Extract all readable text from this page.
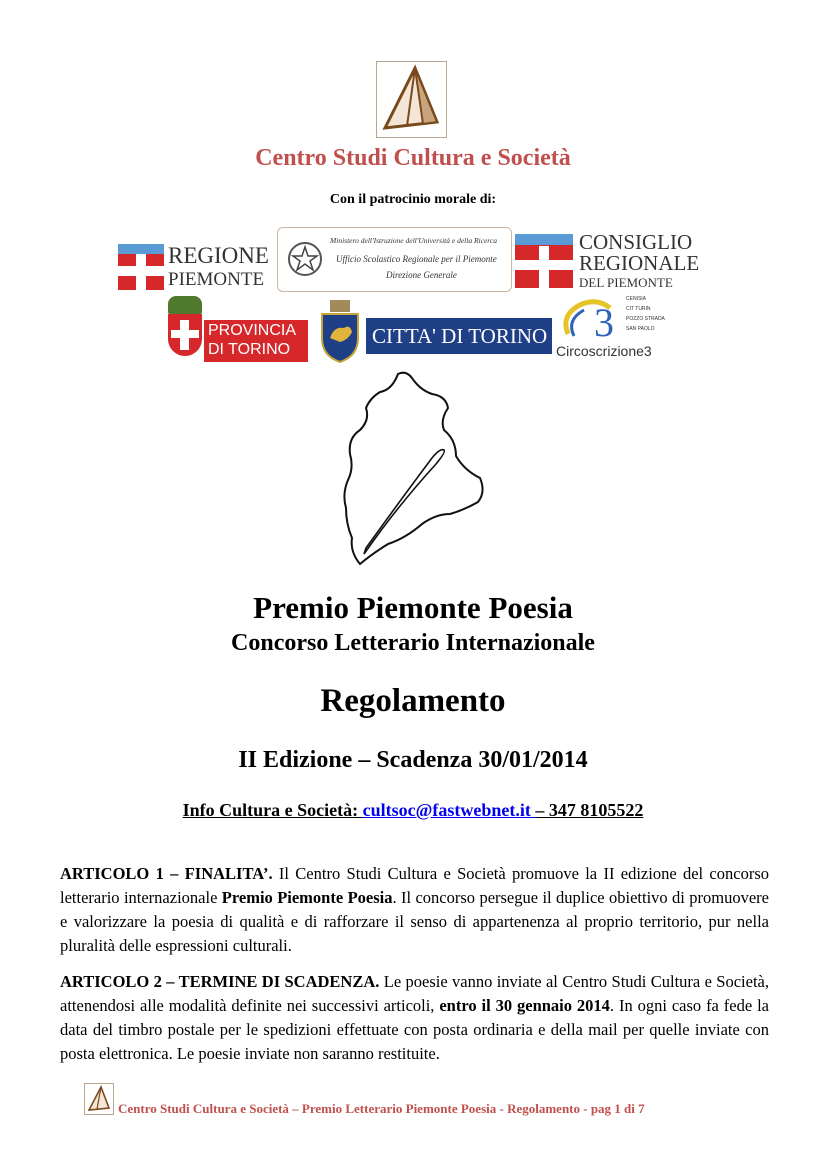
Centro Studi Cultura e Società
Con il patrocinio morale di:
REGIONE
PIEMONTE
Ministero dell'Istruzione dell'Università e della Ricerca
Ufficio Scolastico Regionale per il Piemonte
Direzione Generale
CONSIGLIO
REGIONALE
DEL PIEMONTE
PROVINCIA
DI TORINO
CITTA' DI TORINO 3
CENISIA
CIT TURIN
POZZO STRADA
SAN PAOLO
Circoscrizione3
Premio Piemonte Poesia
Concorso Letterario Internazionale
Regolamento
II Edizione – Scadenza 30/01/2014
Info Cultura e Società: cultsoc@fastwebnet.it – 347 8105522
ARTICOLO 1 – FINALITA’. Il Centro Studi Cultura e Società promuove la II edizione del concorso letterario internazionale Premio Piemonte Poesia. Il concorso persegue il duplice obiettivo di promuovere e valorizzare la poesia di qualità e di rafforzare il senso di appartenenza al proprio territorio, pur nella pluralità delle espressioni culturali.
ARTICOLO 2 – TERMINE DI SCADENZA. Le poesie vanno inviate al Centro Studi Cultura e Società, attenendosi alle modalità definite nei successivi articoli, entro il 30 gennaio 2014. In ogni caso fa fede la data del timbro postale per le spedizioni effettuate con posta ordinaria e della mail per quelle inviate con posta elettronica. Le poesie inviate non saranno restituite.
Centro Studi Cultura e Società – Premio Letterario Piemonte Poesia - Regolamento - pag 1 di 7
